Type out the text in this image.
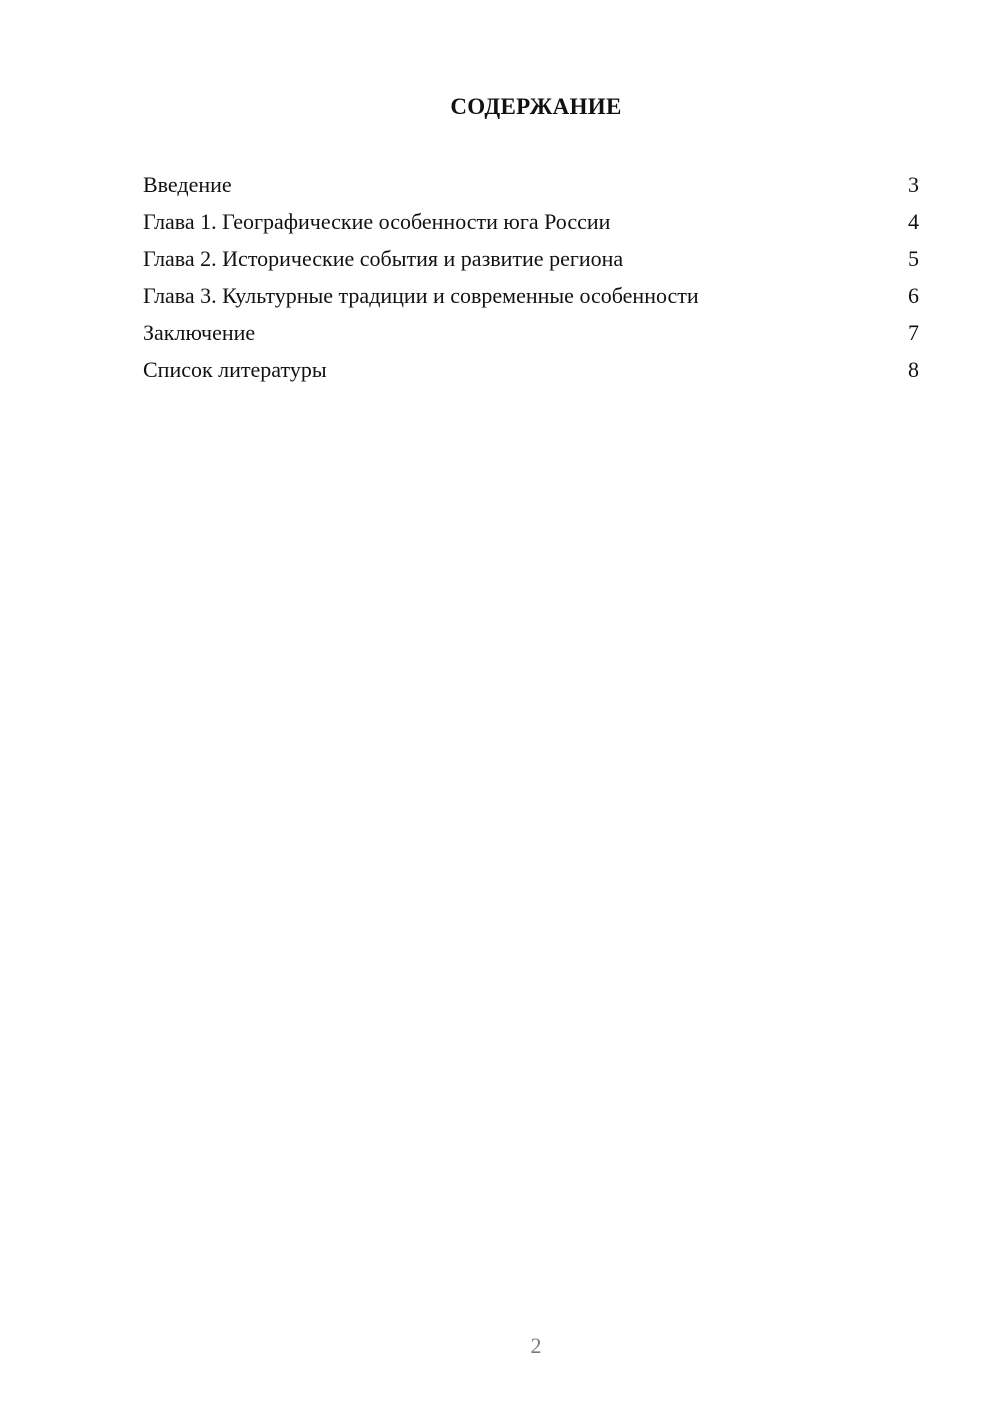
СОДЕРЖАНИЕ
Введение	3
Глава 1. Географические особенности юга России	4
Глава 2. Исторические события и развитие региона	5
Глава 3. Культурные традиции и современные особенности	6
Заключение	7
Список литературы	8
2
